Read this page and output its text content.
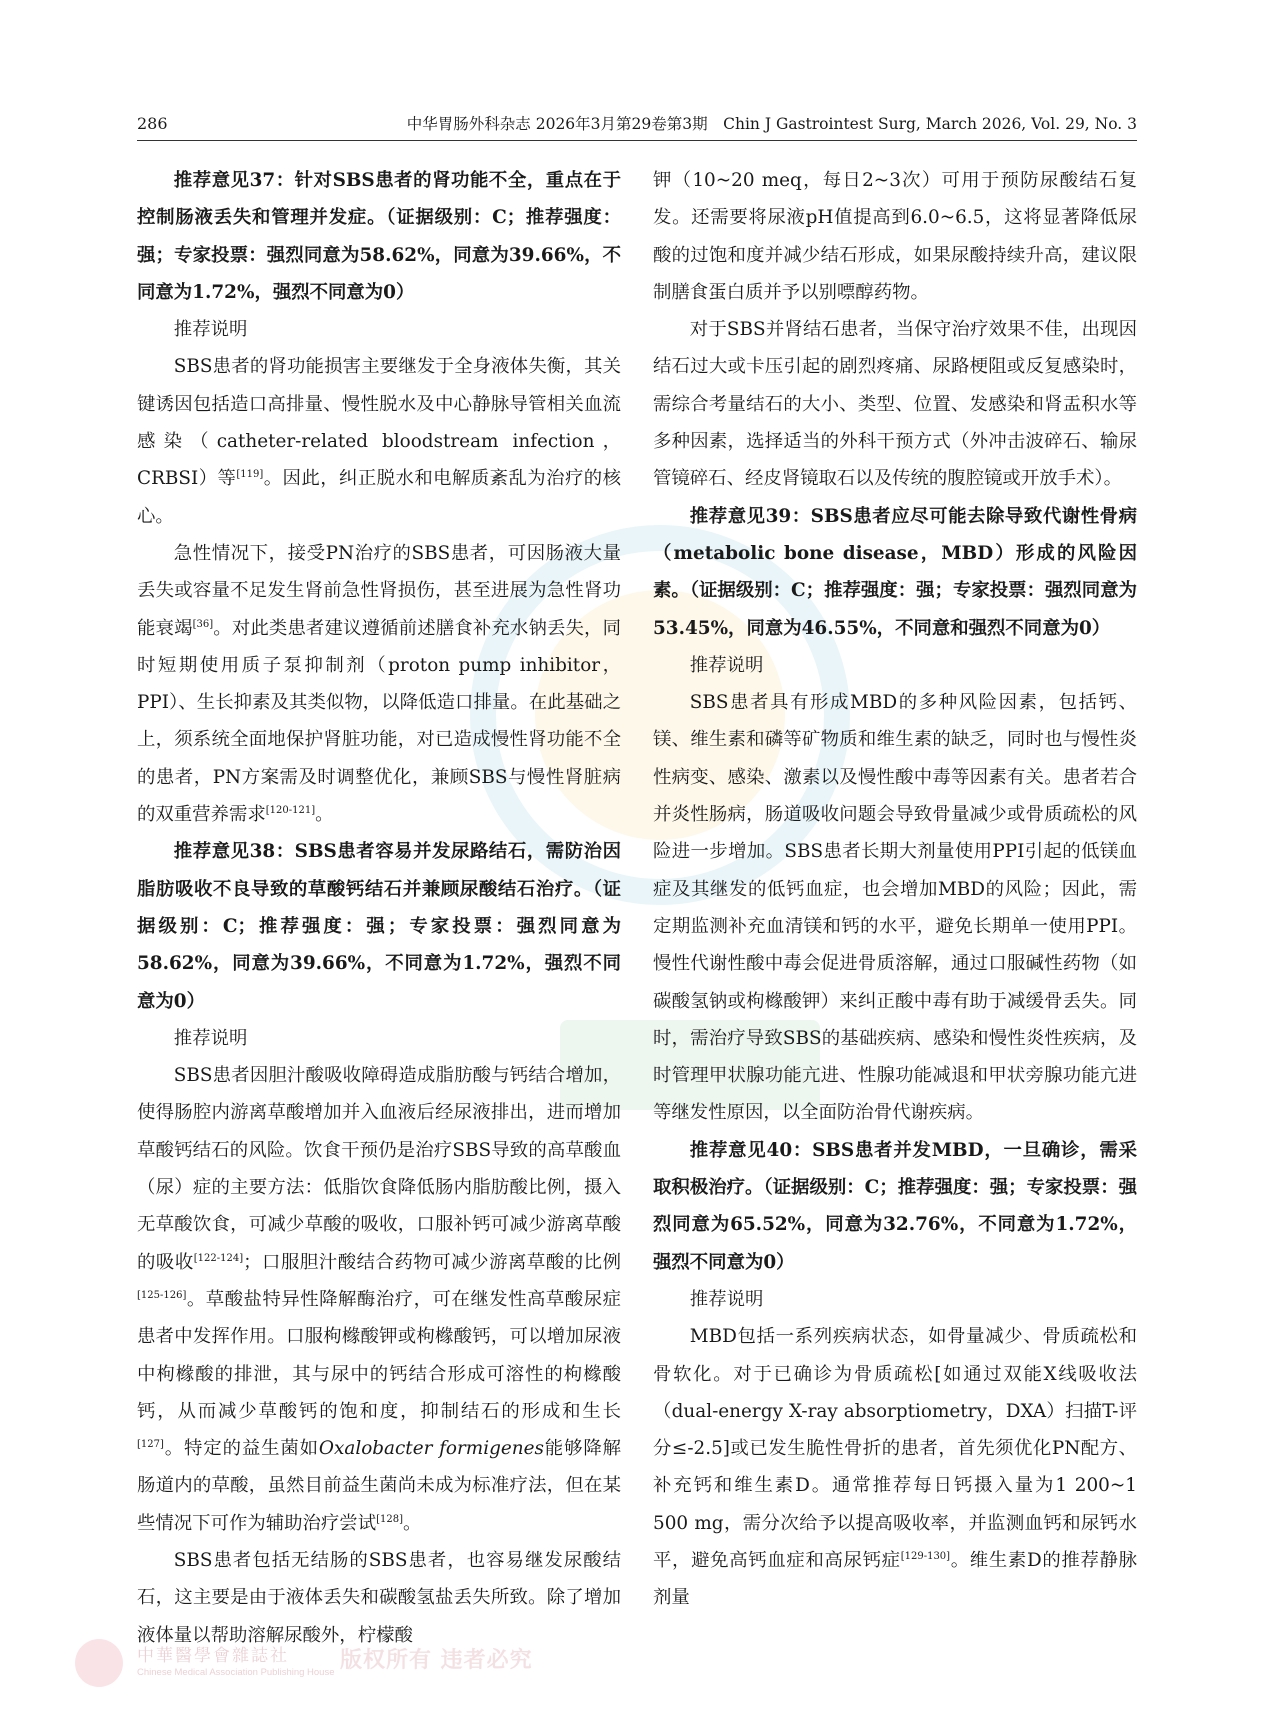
286	中华胃肠外科杂志 2026年3月第29卷第3期　Chin J Gastrointest Surg, March 2026, Vol. 29, No. 3

推荐意见37：针对SBS患者的肾功能不全，重点在于控制肠液丢失和管理并发症。（证据级别：C；推荐强度：强；专家投票：强烈同意为58.62%，同意为39.66%，不同意为1.72%，强烈不同意为0）

推荐说明

SBS患者的肾功能损害主要继发于全身液体失衡，其关键诱因包括造口高排量、慢性脱水及中心静脉导管相关血流感染（catheter-related bloodstream infection，CRBSI）等[119]。因此，纠正脱水和电解质紊乱为治疗的核心。

急性情况下，接受PN治疗的SBS患者，可因肠液大量丢失或容量不足发生肾前急性肾损伤，甚至进展为急性肾功能衰竭[36]。对此类患者建议遵循前述膳食补充水钠丢失，同时短期使用质子泵抑制剂（proton pump inhibitor，PPI）、生长抑素及其类似物，以降低造口排量。在此基础之上，须系统全面地保护肾脏功能，对已造成慢性肾功能不全的患者，PN方案需及时调整优化，兼顾SBS与慢性肾脏病的双重营养需求[120-121]。

推荐意见38：SBS患者容易并发尿路结石，需防治因脂肪吸收不良导致的草酸钙结石并兼顾尿酸结石治疗。（证据级别：C；推荐强度：强；专家投票：强烈同意为58.62%，同意为39.66%，不同意为1.72%，强烈不同意为0）

推荐说明

SBS患者因胆汁酸吸收障碍造成脂肪酸与钙结合增加，使得肠腔内游离草酸增加并入血液后经尿液排出，进而增加草酸钙结石的风险。饮食干预仍是治疗SBS导致的高草酸血（尿）症的主要方法：低脂饮食降低肠内脂肪酸比例，摄入无草酸饮食，可减少草酸的吸收，口服补钙可减少游离草酸的吸收[122-124]；口服胆汁酸结合药物可减少游离草酸的比例[125-126]。草酸盐特异性降解酶治疗，可在继发性高草酸尿症患者中发挥作用。口服枸橼酸钾或枸橼酸钙，可以增加尿液中枸橼酸的排泄，其与尿中的钙结合形成可溶性的枸橼酸钙，从而减少草酸钙的饱和度，抑制结石的形成和生长[127]。特定的益生菌如Oxalobacter formigenes能够降解肠道内的草酸，虽然目前益生菌尚未成为标准疗法，但在某些情况下可作为辅助治疗尝试[128]。

SBS患者包括无结肠的SBS患者，也容易继发尿酸结石，这主要是由于液体丢失和碳酸氢盐丢失所致。除了增加液体量以帮助溶解尿酸外，柠檬酸

钾（10~20 meq，每日2~3次）可用于预防尿酸结石复发。还需要将尿液pH值提高到6.0~6.5，这将显著降低尿酸的过饱和度并减少结石形成，如果尿酸持续升高，建议限制膳食蛋白质并予以别嘌醇药物。

对于SBS并肾结石患者，当保守治疗效果不佳，出现因结石过大或卡压引起的剧烈疼痛、尿路梗阻或反复感染时，需综合考量结石的大小、类型、位置、发感染和肾盂积水等多种因素，选择适当的外科干预方式（外冲击波碎石、输尿管镜碎石、经皮肾镜取石以及传统的腹腔镜或开放手术）。

推荐意见39：SBS患者应尽可能去除导致代谢性骨病（metabolic bone disease，MBD）形成的风险因素。（证据级别：C；推荐强度：强；专家投票：强烈同意为53.45%，同意为46.55%，不同意和强烈不同意为0）

推荐说明

SBS患者具有形成MBD的多种风险因素，包括钙、镁、维生素和磷等矿物质和维生素的缺乏，同时也与慢性炎性病变、感染、激素以及慢性酸中毒等因素有关。患者若合并炎性肠病，肠道吸收问题会导致骨量减少或骨质疏松的风险进一步增加。SBS患者长期大剂量使用PPI引起的低镁血症及其继发的低钙血症，也会增加MBD的风险；因此，需定期监测补充血清镁和钙的水平，避免长期单一使用PPI。慢性代谢性酸中毒会促进骨质溶解，通过口服碱性药物（如碳酸氢钠或枸橼酸钾）来纠正酸中毒有助于减缓骨丢失。同时，需治疗导致SBS的基础疾病、感染和慢性炎性疾病，及时管理甲状腺功能亢进、性腺功能减退和甲状旁腺功能亢进等继发性原因，以全面防治骨代谢疾病。

推荐意见40：SBS患者并发MBD，一旦确诊，需采取积极治疗。（证据级别：C；推荐强度：强；专家投票：强烈同意为65.52%，同意为32.76%，不同意为1.72%，强烈不同意为0）

推荐说明

MBD包括一系列疾病状态，如骨量减少、骨质疏松和骨软化。对于已确诊为骨质疏松[如通过双能X线吸收法（dual-energy X-ray absorptiometry，DXA）扫描T-评分≤-2.5]或已发生脆性骨折的患者，首先须优化PN配方、补充钙和维生素D。通常推荐每日钙摄入量为1 200~1 500 mg，需分次给予以提高吸收率，并监测血钙和尿钙水平，避免高钙血症和高尿钙症[129-130]。维生素D的推荐静脉剂量

中華醫學會雜誌社
Chinese Medical Association Publishing House 版权所有 违者必究
